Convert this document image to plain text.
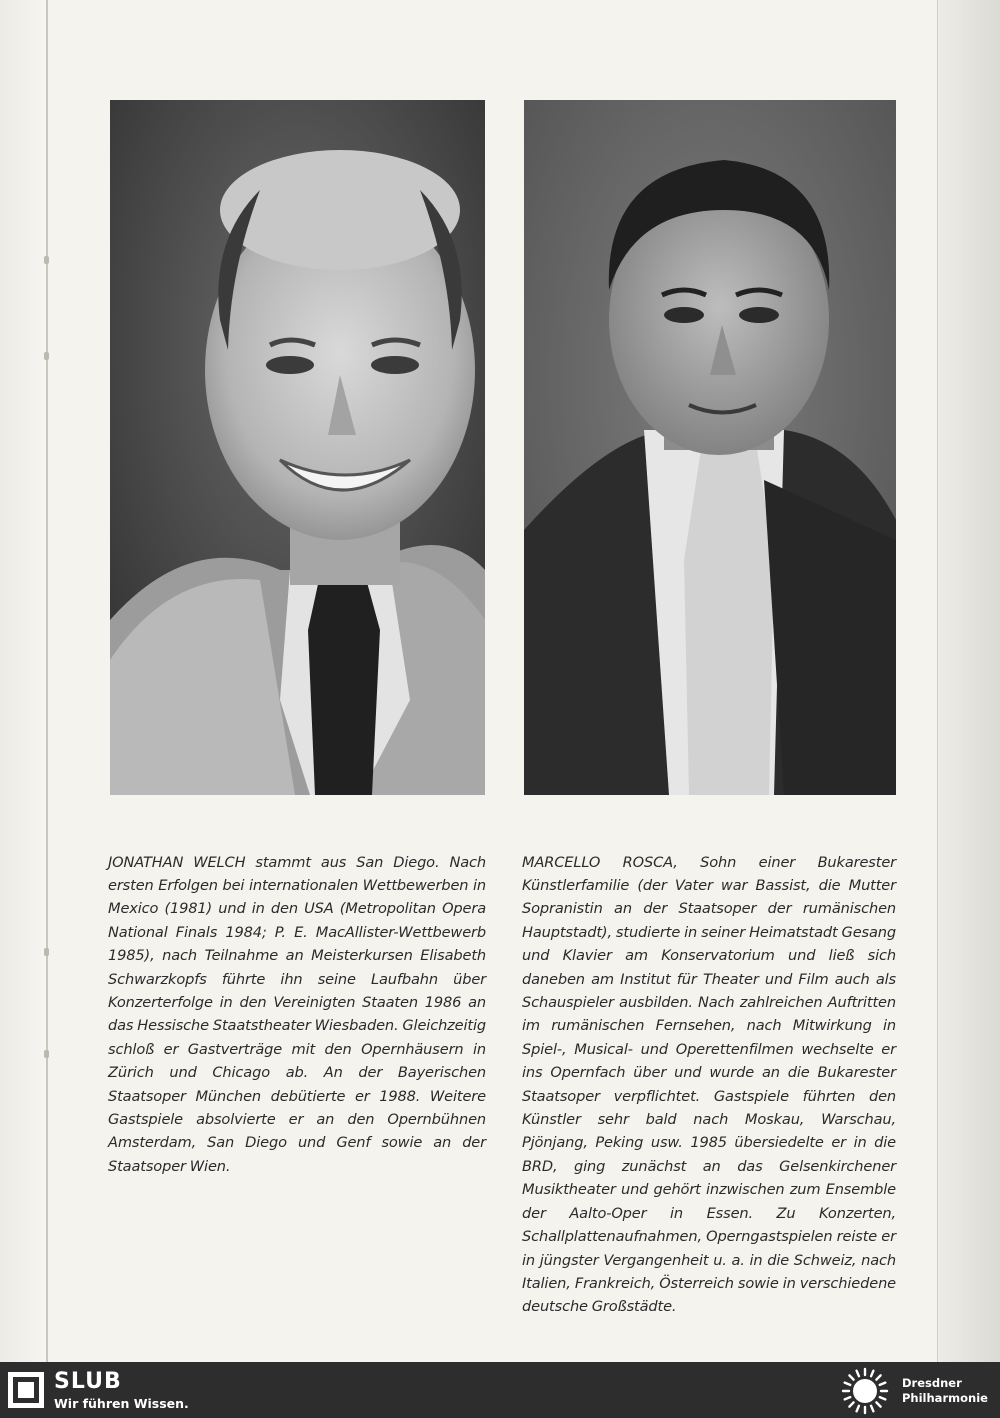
JONATHAN WELCH stammt aus San Diego. Nach ersten Erfolgen bei internationalen Wettbewerben in Mexico (1981) und in den USA (Metropolitan Opera National Finals 1984; P. E. MacAllister-Wettbewerb 1985), nach Teilnahme an Meisterkursen Elisabeth Schwarzkopfs führte ihn seine Laufbahn über Konzerterfolge in den Vereinigten Staaten 1986 an das Hessische Staatstheater Wiesbaden. Gleichzeitig schloß er Gastverträge mit den Opernhäusern in Zürich und Chicago ab. An der Bayerischen Staatsoper München debütierte er 1988. Weitere Gastspiele absolvierte er an den Opernbühnen Amsterdam, San Diego und Genf sowie an der Staatsoper Wien.

MARCELLO ROSCA, Sohn einer Bukarester Künstlerfamilie (der Vater war Bassist, die Mutter Sopranistin an der Staatsoper der rumänischen Hauptstadt), studierte in seiner Heimatstadt Gesang und Klavier am Konservatorium und ließ sich daneben am Institut für Theater und Film auch als Schauspieler ausbilden. Nach zahlreichen Auftritten im rumänischen Fernsehen, nach Mitwirkung in Spiel-, Musical- und Operettenfilmen wechselte er ins Opernfach über und wurde an die Bukarester Staatsoper verpflichtet. Gastspiele führten den Künstler sehr bald nach Moskau, Warschau, Pjönjang, Peking usw. 1985 übersiedelte er in die BRD, ging zunächst an das Gelsenkirchener Musiktheater und gehört inzwischen zum Ensemble der Aalto-Oper in Essen. Zu Konzerten, Schallplattenaufnahmen, Operngastspielen reiste er in jüngster Vergangenheit u. a. in die Schweiz, nach Italien, Frankreich, Österreich sowie in verschiedene deutsche Großstädte.

SLUB
Wir führen Wissen.
Dresdner
Philharmonie
